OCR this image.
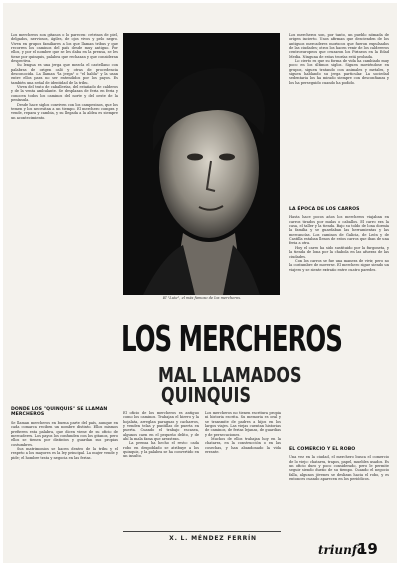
Los mercheros son gitanos o lo parecen: cetrinos de piel, delgados, nerviosos, ágiles, de ojos vivos y pelo negro. Viven en grupos familiares a los que llaman tribus y que recorren los caminos del país desde muy antiguo. Por ellos, y por el nombre que se les daba en la prensa, se les tiene por quinquis, palabra que rechazan y que consideran despectiva.

Su lengua es una jerga que mezcla el castellano con palabras de origen caló y otras de procedencia desconocida. La llaman "la jerga" o "el habla" y la usan entre ellos para no ser entendidos por los payos. Es también una señal de identidad de la tribu.

Viven del trato de caballerías, del estañado de calderos y de la venta ambulante. Se desplazan de feria en feria y conocen todos los caminos del norte y del oeste de la península.

Desde hace siglos conviven con los campesinos, que los temen y los necesitan a un tiempo. El merchero compra y vende, repara y cambia, y su llegada a la aldea es siempre un acontecimiento.

DONDE LOS "QUINQUIS" SE LLAMAN MERCHEROS

Se llaman mercheros en buena parte del país, aunque en cada comarca reciben un nombre distinto. Ellos mismos prefieren esta palabra, que dicen viene de su oficio de mercaderes. Los payos los confunden con los gitanos, pero ellos se tienen por distintos y guardan sus propias costumbres.

Sus matrimonios se hacen dentro de la tribu y el respeto a los mayores es la ley principal. La mujer vende y pide; el hombre trata y negocia en las ferias.

El "Lute", el más famoso de los mercheros.
LOS MERCHEROS
MAL LLAMADOS
QUINQUIS

El oficio de los mercheros es antiguo como los caminos. Trabajan el hierro y la hojalata, arreglan paraguas y cacharros, y venden telas y puntillas de puerta en puerta. Cuando el trabajo escasea, algunos caen en el pequeño delito, y de ahí la mala fama que arrastran.

La prensa ha hecho el resto: cada robo en despoblado se atribuye a los quinquis, y la palabra se ha convertido en un insulto.

Los mercheros no tienen escritura propia ni historia escrita. Su memoria es oral y se transmite de padres a hijos en los largos viajes. Las viejas cuentan historias de caminos, de ferias lejanas, de guardias y de persecuciones.

Muchos de ellos trabajan hoy en la chatarra, en la construcción o en las cosechas, y han abandonado la vida errante.

X. L. MÉNDEZ FERRÍN

Los mercheros son, por tanto, un pueblo nómada de origen incierto. Unos afirman que descienden de los antiguos mercaderes moriscos que fueron expulsados de las ciudades; otros los hacen venir de los caldereros centroeuropeos que cruzaron los Pirineos en la Edad Media. Ninguna de estas teorías está probada.

Lo cierto es que su forma de vida ha cambiado muy poco en los últimos siglos. Siguen moviéndose en grupos, siguen tratando con animales y metales, y siguen hablando su jerga particular. La sociedad sedentaria los ha mirado siempre con desconfianza y los ha perseguido cuando ha podido.

LA ÉPOCA DE LOS CARROS

Hasta hace pocos años los mercheros viajaban en carros tirados por mulas o caballos. El carro era la casa, el taller y la tienda. Bajo su toldo de lona dormía la familia y se guardaban las herramientas y las mercancías. Los caminos de Galicia, de León y de Castilla estaban llenos de estos carros que iban de una feria a otra.

Hoy el carro ha sido sustituido por la furgoneta, y la tienda de lona por la chabola en las afueras de las ciudades.

Con los carros se fue una manera de vivir, pero no la costumbre de moverse. El merchero sigue siendo un viajero y se siente extraño entre cuatro paredes.

EL COMERCIO Y EL ROBO

Una vez en la ciudad, el merchero busca el comercio de lo viejo: chatarra, trapos, papel, muebles usados. Es un oficio duro y poco considerado, pero le permite seguir siendo dueño de su tiempo. Cuando el negocio falla, algunos jóvenes se deslizan hacia el robo, y es entonces cuando aparecen en los periódicos.

triunfo
19
